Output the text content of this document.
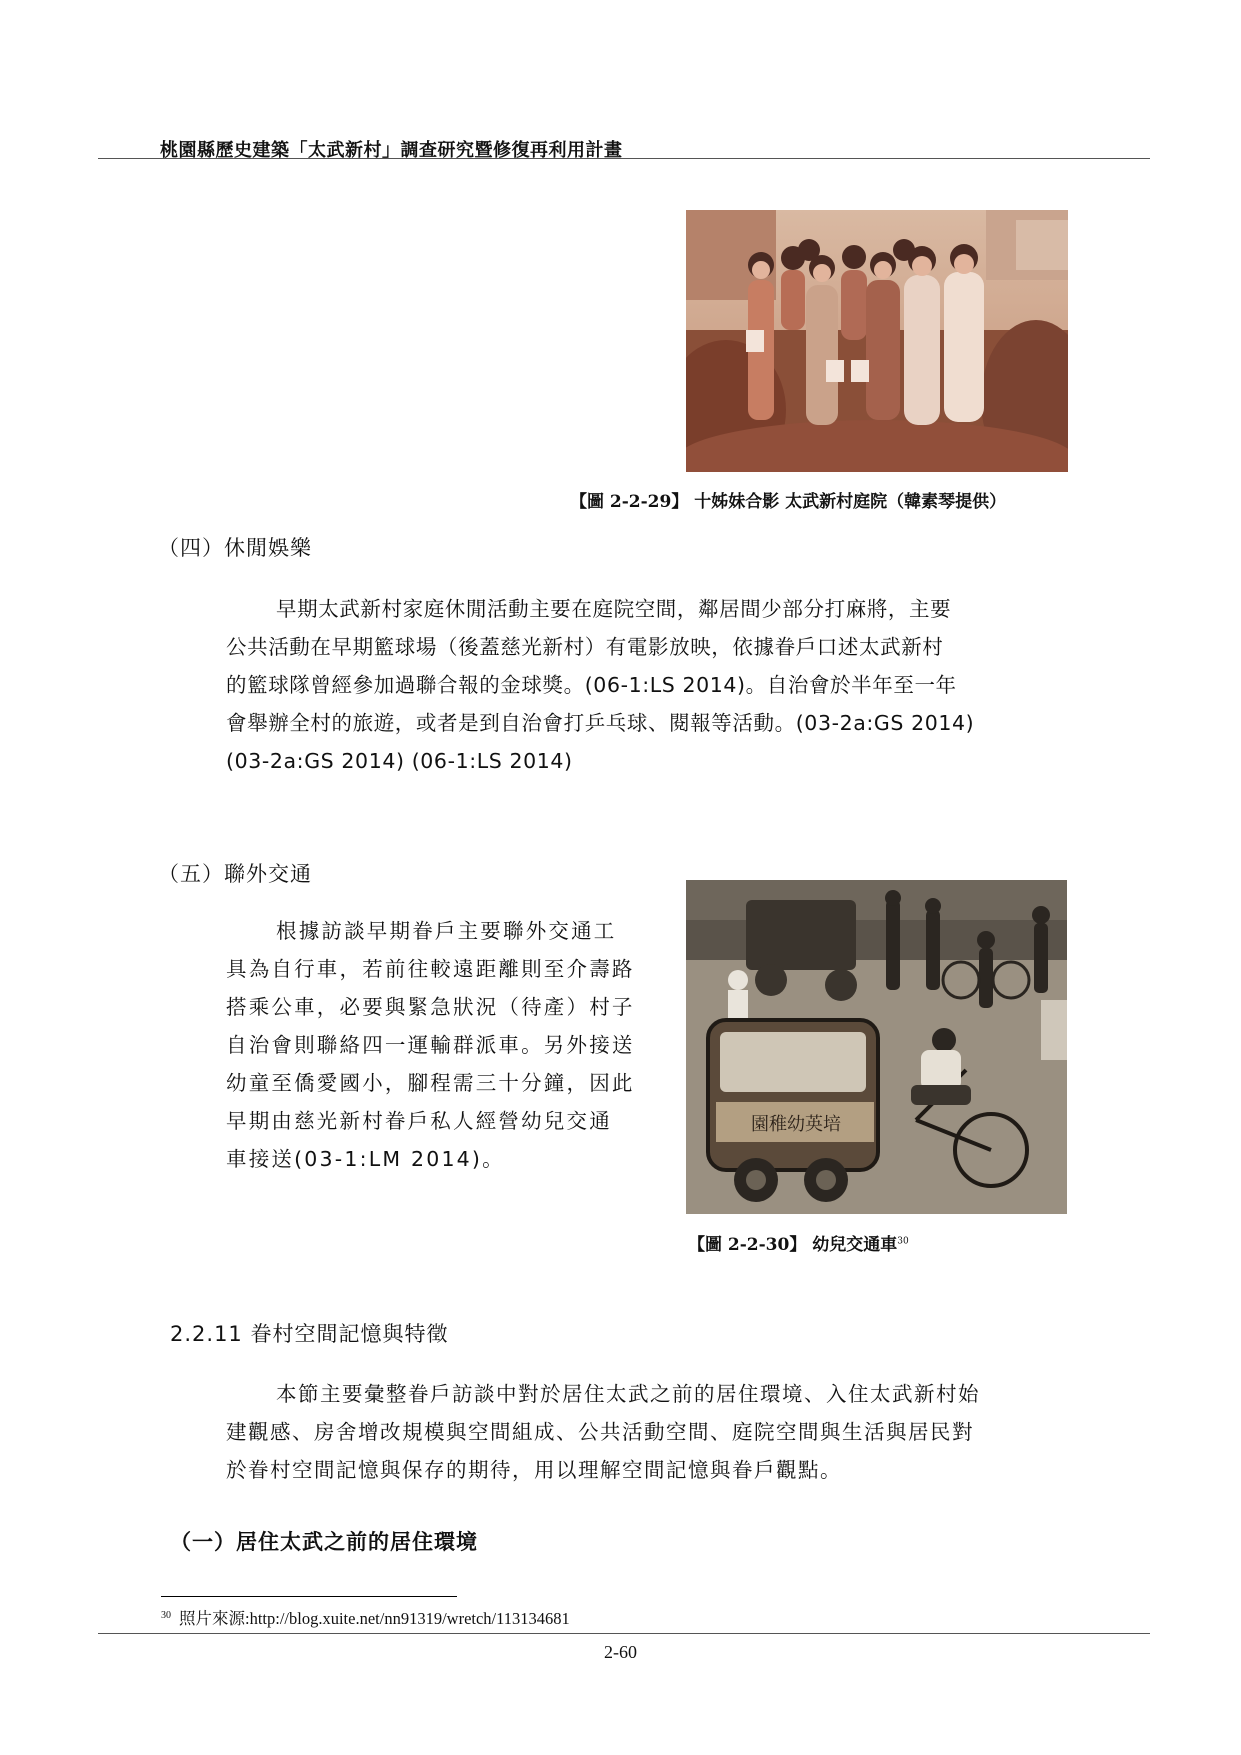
桃園縣歷史建築「太武新村」調查研究暨修復再利用計畫
【圖 2-2-29】 十姊妹合影 太武新村庭院（韓素琴提供）
（四）休閒娛樂
早期太武新村家庭休閒活動主要在庭院空間，鄰居間少部分打麻將，主要
公共活動在早期籃球場（後蓋慈光新村）有電影放映，依據眷戶口述太武新村
的籃球隊曾經參加過聯合報的金球獎。(06-1:LS 2014)。自治會於半年至一年
會舉辦全村的旅遊，或者是到自治會打乒乓球、閱報等活動。(03-2a:GS 2014)
(03-2a:GS 2014) (06-1:LS 2014)
（五）聯外交通
根據訪談早期眷戶主要聯外交通工
具為自行車，若前往較遠距離則至介壽路
搭乘公車，必要與緊急狀況（待產）村子
自治會則聯絡四一運輸群派車。另外接送
幼童至僑愛國小，腳程需三十分鐘，因此
早期由慈光新村眷戶私人經營幼兒交通
車接送(03-1:LM 2014)。
園稚幼英培
【圖 2-2-30】 幼兒交通車$^{30}$
2.2.11 眷村空間記憶與特徵
本節主要彙整眷戶訪談中對於居住太武之前的居住環境、入住太武新村始
建觀感、房舍增改規模與空間組成、公共活動空間、庭院空間與生活與居民對
於眷村空間記憶與保存的期待，用以理解空間記憶與眷戶觀點。
（一）居住太武之前的居住環境
$^{30}$ 照片來源:http://blog.xuite.net/nn91319/wretch/113134681
2-60
